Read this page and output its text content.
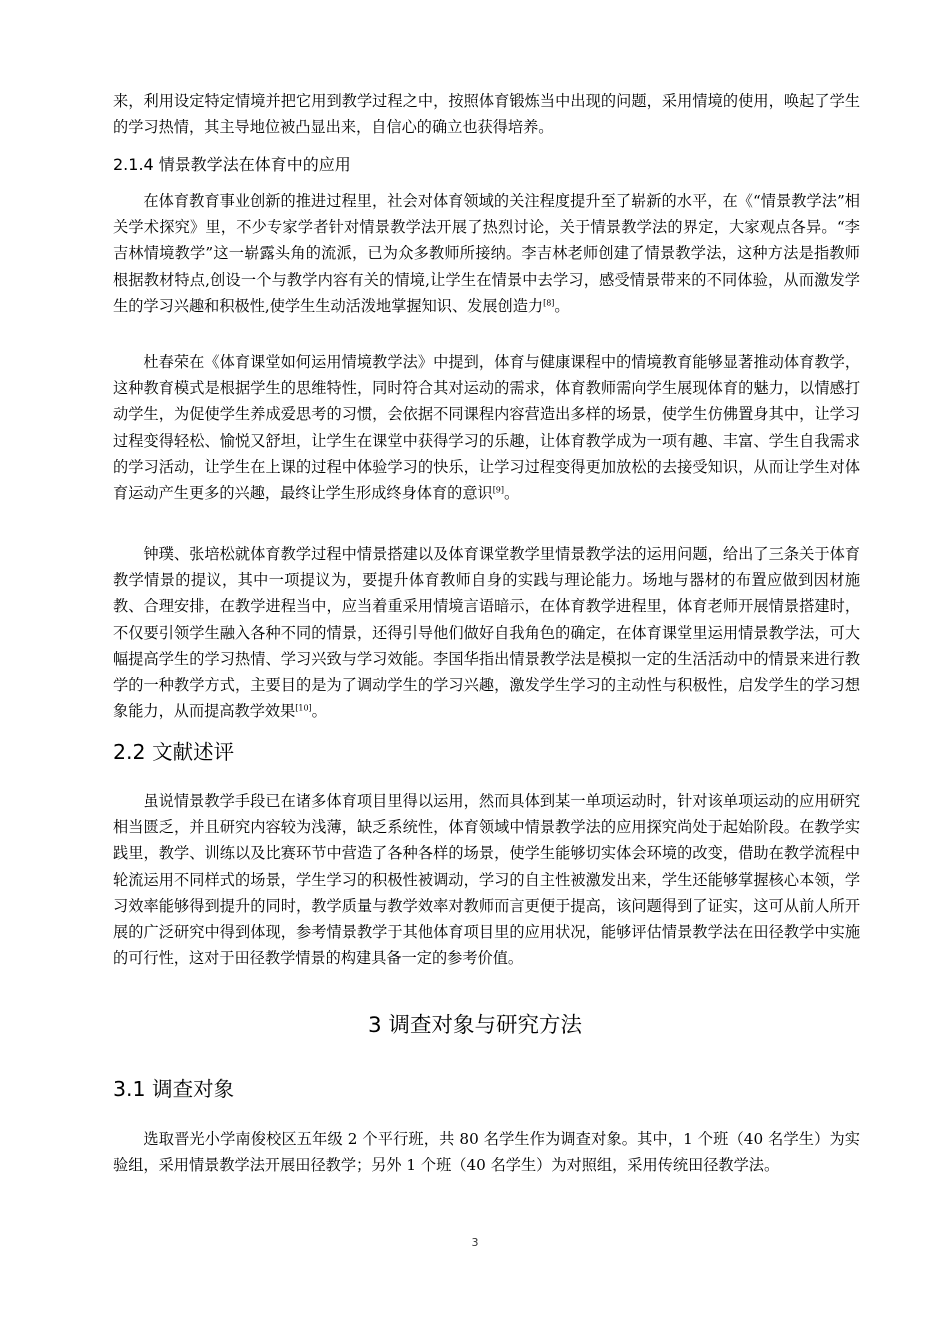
来，利用设定特定情境并把它用到教学过程之中，按照体育锻炼当中出现的问题，采用情境的使用，唤起了学生的学习热情，其主导地位被凸显出来，自信心的确立也获得培养。

2.1.4 情景教学法在体育中的应用

在体育教育事业创新的推进过程里，社会对体育领域的关注程度提升至了崭新的水平，在《“情景教学法”相关学术探究》里，不少专家学者针对情景教学法开展了热烈讨论，关于情景教学法的界定，大家观点各异。“李吉林情境教学”这一崭露头角的流派，已为众多教师所接纳。李吉林老师创建了情景教学法，这种方法是指教师根据教材特点,创设一个与教学内容有关的情境,让学生在情景中去学习，感受情景带来的不同体验，从而激发学生的学习兴趣和积极性,使学生生动活泼地掌握知识、发展创造力[8]。

杜春荣在《体育课堂如何运用情境教学法》中提到，体育与健康课程中的情境教育能够显著推动体育教学，这种教育模式是根据学生的思维特性，同时符合其对运动的需求，体育教师需向学生展现体育的魅力，以情感打动学生，为促使学生养成爱思考的习惯，会依据不同课程内容营造出多样的场景，使学生仿佛置身其中，让学习过程变得轻松、愉悦又舒坦，让学生在课堂中获得学习的乐趣，让体育教学成为一项有趣、丰富、学生自我需求的学习活动，让学生在上课的过程中体验学习的快乐，让学习过程变得更加放松的去接受知识，从而让学生对体育运动产生更多的兴趣，最终让学生形成终身体育的意识[9]。

钟璞、张培松就体育教学过程中情景搭建以及体育课堂教学里情景教学法的运用问题，给出了三条关于体育教学情景的提议，其中一项提议为，要提升体育教师自身的实践与理论能力。场地与器材的布置应做到因材施教、合理安排，在教学进程当中，应当着重采用情境言语暗示，在体育教学进程里，体育老师开展情景搭建时，不仅要引领学生融入各种不同的情景，还得引导他们做好自我角色的确定，在体育课堂里运用情景教学法，可大幅提高学生的学习热情、学习兴致与学习效能。李国华指出情景教学法是模拟一定的生活活动中的情景来进行教学的一种教学方式，主要目的是为了调动学生的学习兴趣，激发学生学习的主动性与积极性，启发学生的学习想象能力，从而提高教学效果[10]。

2.2 文献述评

虽说情景教学手段已在诸多体育项目里得以运用，然而具体到某一单项运动时，针对该单项运动的应用研究相当匮乏，并且研究内容较为浅薄，缺乏系统性，体育领域中情景教学法的应用探究尚处于起始阶段。在教学实践里，教学、训练以及比赛环节中营造了各种各样的场景，使学生能够切实体会环境的改变，借助在教学流程中轮流运用不同样式的场景，学生学习的积极性被调动，学习的自主性被激发出来，学生还能够掌握核心本领，学习效率能够得到提升的同时，教学质量与教学效率对教师而言更便于提高，该问题得到了证实，这可从前人所开展的广泛研究中得到体现，参考情景教学于其他体育项目里的应用状况，能够评估情景教学法在田径教学中实施的可行性，这对于田径教学情景的构建具备一定的参考价值。

3 调查对象与研究方法
3.1 调查对象

选取晋光小学南俊校区五年级 2 个平行班，共 80 名学生作为调查对象。其中，1 个班（40 名学生）为实验组，采用情景教学法开展田径教学；另外 1 个班（40 名学生）为对照组，采用传统田径教学法。

3
